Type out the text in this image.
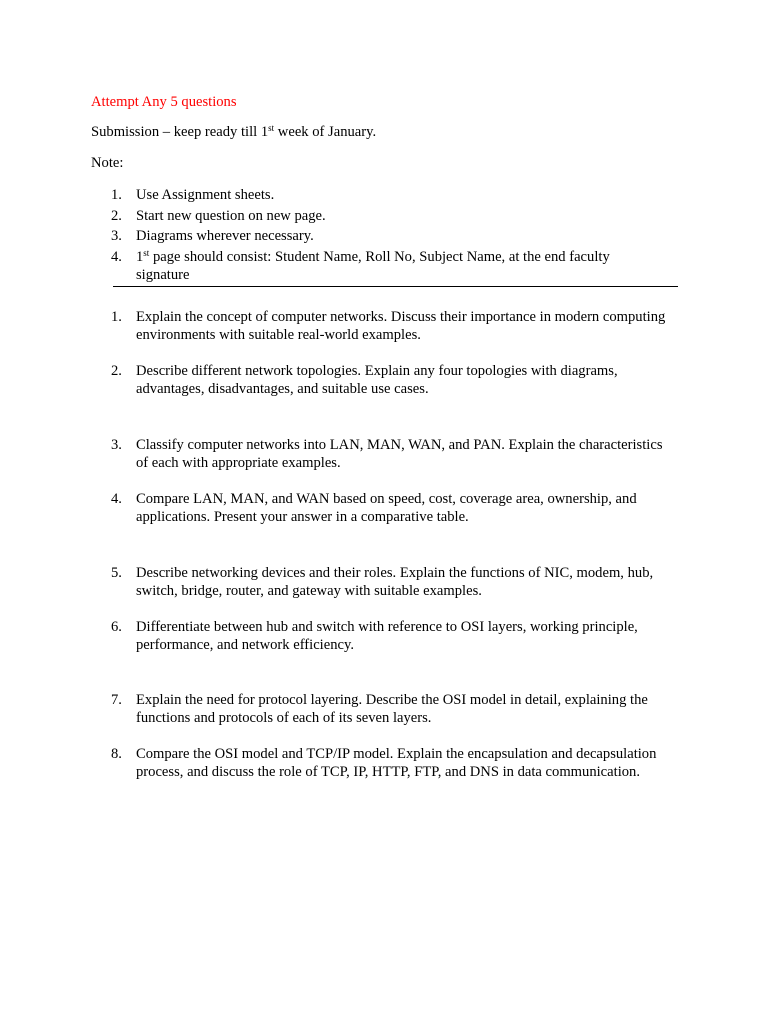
Attempt Any 5 questions
Submission – keep ready till 1st week of January.
Note:
1. Use Assignment sheets.
2. Start new question on new page.
3. Diagrams wherever necessary.
4. 1st page should consist: Student Name, Roll No, Subject Name, at the end faculty signature
1. Explain the concept of computer networks. Discuss their importance in modern computing environments with suitable real-world examples.
2. Describe different network topologies. Explain any four topologies with diagrams, advantages, disadvantages, and suitable use cases.
3. Classify computer networks into LAN, MAN, WAN, and PAN. Explain the characteristics of each with appropriate examples.
4. Compare LAN, MAN, and WAN based on speed, cost, coverage area, ownership, and applications. Present your answer in a comparative table.
5. Describe networking devices and their roles. Explain the functions of NIC, modem, hub, switch, bridge, router, and gateway with suitable examples.
6. Differentiate between hub and switch with reference to OSI layers, working principle, performance, and network efficiency.
7. Explain the need for protocol layering. Describe the OSI model in detail, explaining the functions and protocols of each of its seven layers.
8. Compare the OSI model and TCP/IP model. Explain the encapsulation and decapsulation process, and discuss the role of TCP, IP, HTTP, FTP, and DNS in data communication.
